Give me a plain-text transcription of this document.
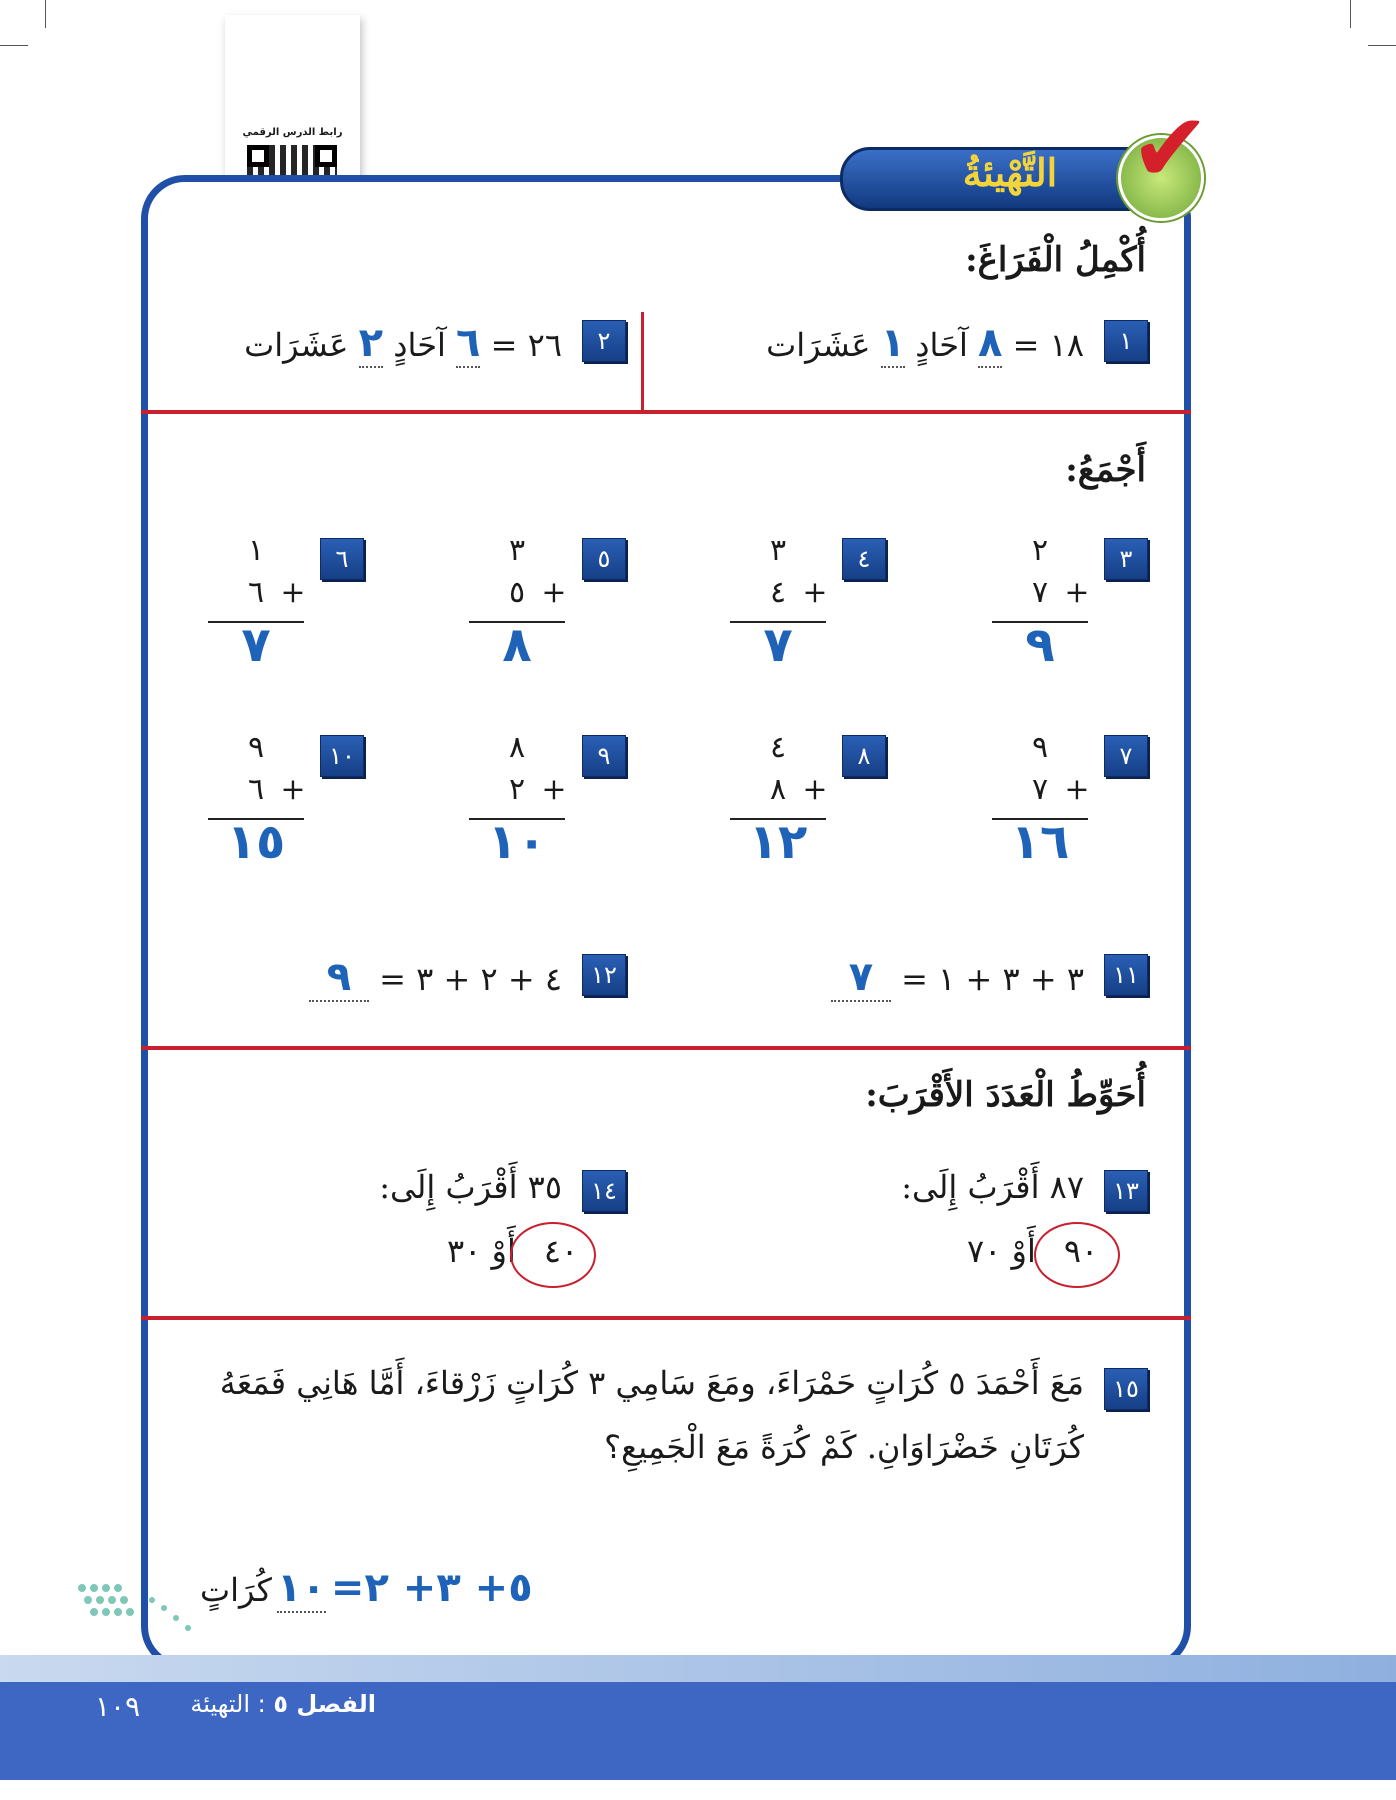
رابط الدرس الرقمي
التَّهْيئةُ ✔
أُكْمِلُ الْفَرَاغَ:
١
١٨ = ٨ آحَادٍ ١ عَشَرَات
٢
٢٦ = ٦ آحَادٍ ٢ عَشَرَات
أَجْمَعُ:
٣
٢
٧ +
٩
٤
٣
٤ +
٧
٥
٣
٥ +
٨
٦
١
٦ +
٧
٧
٩
٧ +
١٦
٨
٤
٨ +
١٢
٩
٨
٢ +
١٠
١٠
٩
٦ +
١٥
١١
٣ + ٣ + ١ = ٧
١٢
٤ + ٢ + ٣ = ٩
أُحَوِّطُ الْعَدَدَ الأَقْرَبَ:
١٣
٨٧ أَقْرَبُ إِلَى:
٩٠ أَوْ ٧٠
١٤
٣٥ أَقْرَبُ إِلَى:
٤٠ أَوْ ٣٠
١٥
مَعَ أَحْمَدَ ٥ كُرَاتٍ حَمْرَاءَ، ومَعَ سَامِي ٣ كُرَاتٍ زَرْقاءَ، أَمَّا هَانِي فَمَعَهُ
كُرَتَانِ خَضْرَاوَانِ. كَمْ كُرَةً مَعَ الْجَمِيعِ؟
٥+ ٣+ ٢= ١٠ كُرَاتٍ
الفصل ٥ : التهيئة
١٠٩
